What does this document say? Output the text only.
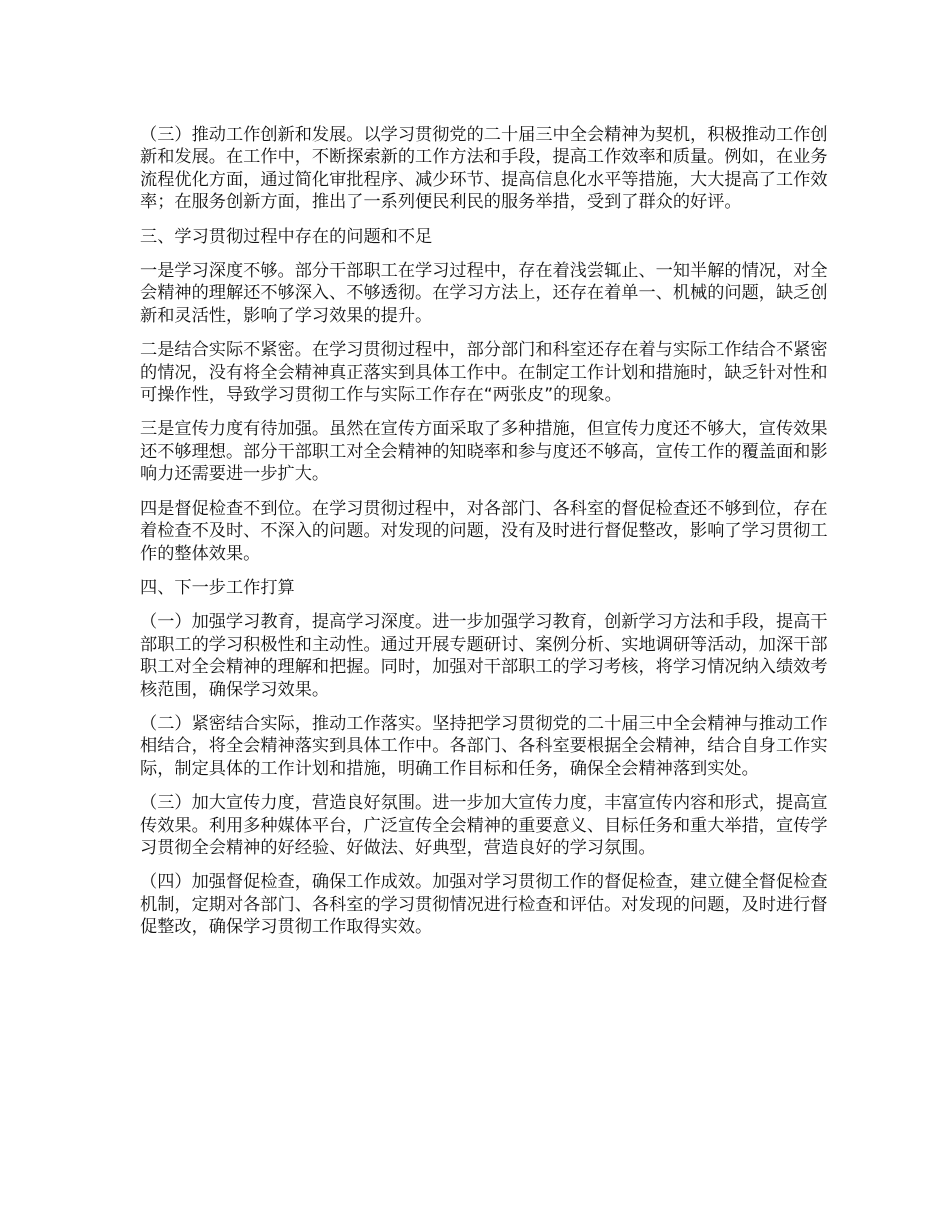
（三）推动工作创新和发展。以学习贯彻党的二十届三中全会精神为契机，积极推动工作创新和发展。在工作中，不断探索新的工作方法和手段，提高工作效率和质量。例如，在业务流程优化方面，通过简化审批程序、减少环节、提高信息化水平等措施，大大提高了工作效率；在服务创新方面，推出了一系列便民利民的服务举措，受到了群众的好评。

三、学习贯彻过程中存在的问题和不足

一是学习深度不够。部分干部职工在学习过程中，存在着浅尝辄止、一知半解的情况，对全会精神的理解还不够深入、不够透彻。在学习方法上，还存在着单一、机械的问题，缺乏创新和灵活性，影响了学习效果的提升。

二是结合实际不紧密。在学习贯彻过程中，部分部门和科室还存在着与实际工作结合不紧密的情况，没有将全会精神真正落实到具体工作中。在制定工作计划和措施时，缺乏针对性和可操作性，导致学习贯彻工作与实际工作存在“两张皮”的现象。

三是宣传力度有待加强。虽然在宣传方面采取了多种措施，但宣传力度还不够大，宣传效果还不够理想。部分干部职工对全会精神的知晓率和参与度还不够高，宣传工作的覆盖面和影响力还需要进一步扩大。

四是督促检查不到位。在学习贯彻过程中，对各部门、各科室的督促检查还不够到位，存在着检查不及时、不深入的问题。对发现的问题，没有及时进行督促整改，影响了学习贯彻工作的整体效果。

四、下一步工作打算

（一）加强学习教育，提高学习深度。进一步加强学习教育，创新学习方法和手段，提高干部职工的学习积极性和主动性。通过开展专题研讨、案例分析、实地调研等活动，加深干部职工对全会精神的理解和把握。同时，加强对干部职工的学习考核，将学习情况纳入绩效考核范围，确保学习效果。

（二）紧密结合实际，推动工作落实。坚持把学习贯彻党的二十届三中全会精神与推动工作相结合，将全会精神落实到具体工作中。各部门、各科室要根据全会精神，结合自身工作实际，制定具体的工作计划和措施，明确工作目标和任务，确保全会精神落到实处。

（三）加大宣传力度，营造良好氛围。进一步加大宣传力度，丰富宣传内容和形式，提高宣传效果。利用多种媒体平台，广泛宣传全会精神的重要意义、目标任务和重大举措，宣传学习贯彻全会精神的好经验、好做法、好典型，营造良好的学习氛围。

（四）加强督促检查，确保工作成效。加强对学习贯彻工作的督促检查，建立健全督促检查机制，定期对各部门、各科室的学习贯彻情况进行检查和评估。对发现的问题，及时进行督促整改，确保学习贯彻工作取得实效。
